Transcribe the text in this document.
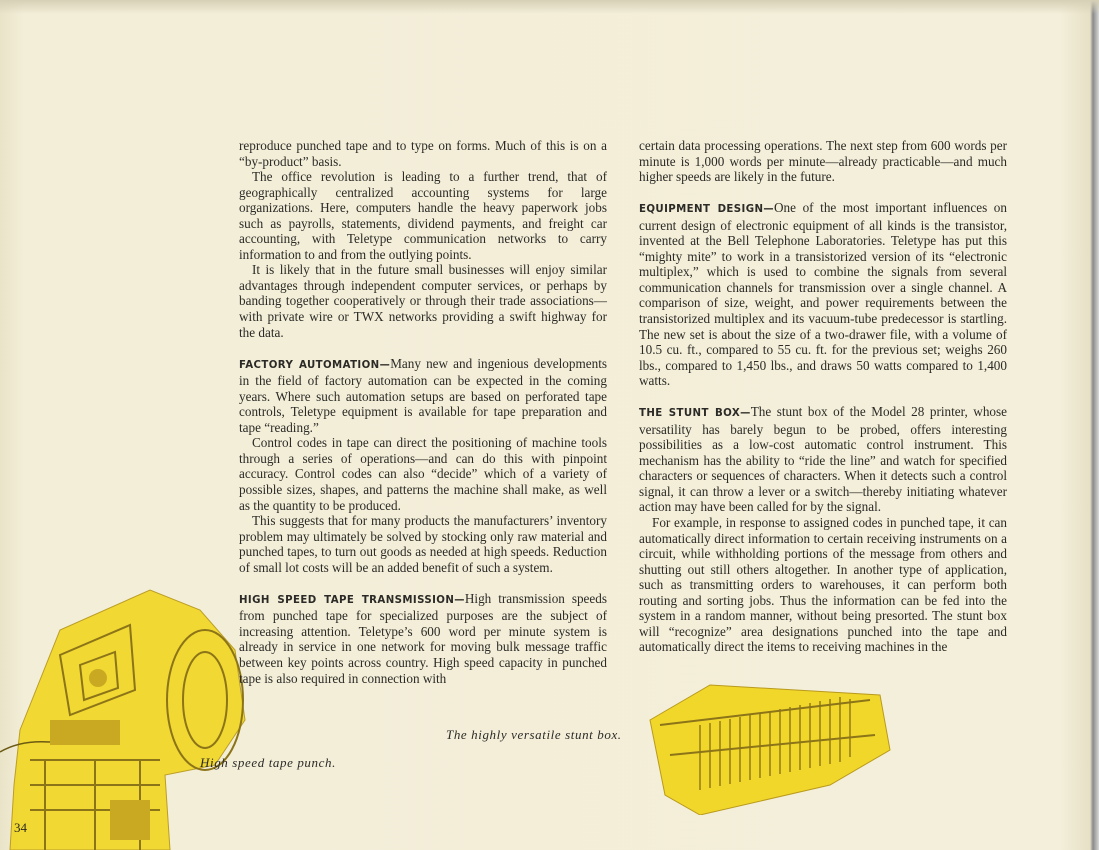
reproduce punched tape and to type on forms. Much of this is on a “by-product” basis.

The office revolution is leading to a further trend, that of geographically centralized accounting systems for large organizations. Here, computers handle the heavy paperwork jobs such as payrolls, statements, dividend payments, and freight car accounting, with Teletype communication networks to carry information to and from the outlying points.

It is likely that in the future small businesses will enjoy similar advantages through independent computer services, or perhaps by banding together cooperatively or through their trade associations—with private wire or TWX networks providing a swift highway for the data.

FACTORY AUTOMATION—Many new and ingenious developments in the field of factory automation can be expected in the coming years. Where such automation setups are based on perforated tape controls, Teletype equipment is available for tape preparation and tape “reading.”

Control codes in tape can direct the positioning of machine tools through a series of operations—and can do this with pinpoint accuracy. Control codes can also “decide” which of a variety of possible sizes, shapes, and patterns the machine shall make, as well as the quantity to be produced.

This suggests that for many products the manufacturers’ inventory problem may ultimately be solved by stocking only raw material and punched tapes, to turn out goods as needed at high speeds. Reduction of small lot costs will be an added benefit of such a system.

HIGH SPEED TAPE TRANSMISSION—High transmission speeds from punched tape for specialized purposes are the subject of increasing attention. Teletype’s 600 word per minute system is already in service in one network for moving bulk message traffic between key points across country. High speed capacity in punched tape is also required in connection with

certain data processing operations. The next step from 600 words per minute is 1,000 words per minute—already practicable—and much higher speeds are likely in the future.

EQUIPMENT DESIGN—One of the most important influences on current design of electronic equipment of all kinds is the transistor, invented at the Bell Telephone Laboratories. Teletype has put this “mighty mite” to work in a transistorized version of its “electronic multiplex,” which is used to combine the signals from several communication channels for transmission over a single channel. A comparison of size, weight, and power requirements between the transistorized multiplex and its vacuum-tube predecessor is startling. The new set is about the size of a two-drawer file, with a volume of 10.5 cu. ft., compared to 55 cu. ft. for the previous set; weighs 260 lbs., compared to 1,450 lbs., and draws 50 watts compared to 1,400 watts.

THE STUNT BOX—The stunt box of the Model 28 printer, whose versatility has barely begun to be probed, offers interesting possibilities as a low-cost automatic control instrument. This mechanism has the ability to “ride the line” and watch for specified characters or sequences of characters. When it detects such a control signal, it can throw a lever or a switch—thereby initiating whatever action may have been called for by the signal.

For example, in response to assigned codes in punched tape, it can automatically direct information to certain receiving instruments on a circuit, while withholding portions of the message from others and shutting out still others altogether. In another type of application, such as transmitting orders to warehouses, it can perform both routing and sorting jobs. Thus the information can be fed into the system in a random manner, without being presorted. The stunt box will “recognize” area designations punched into the tape and automatically direct the items to receiving machines in the

The highly versatile stunt box.
High speed tape punch.
34
